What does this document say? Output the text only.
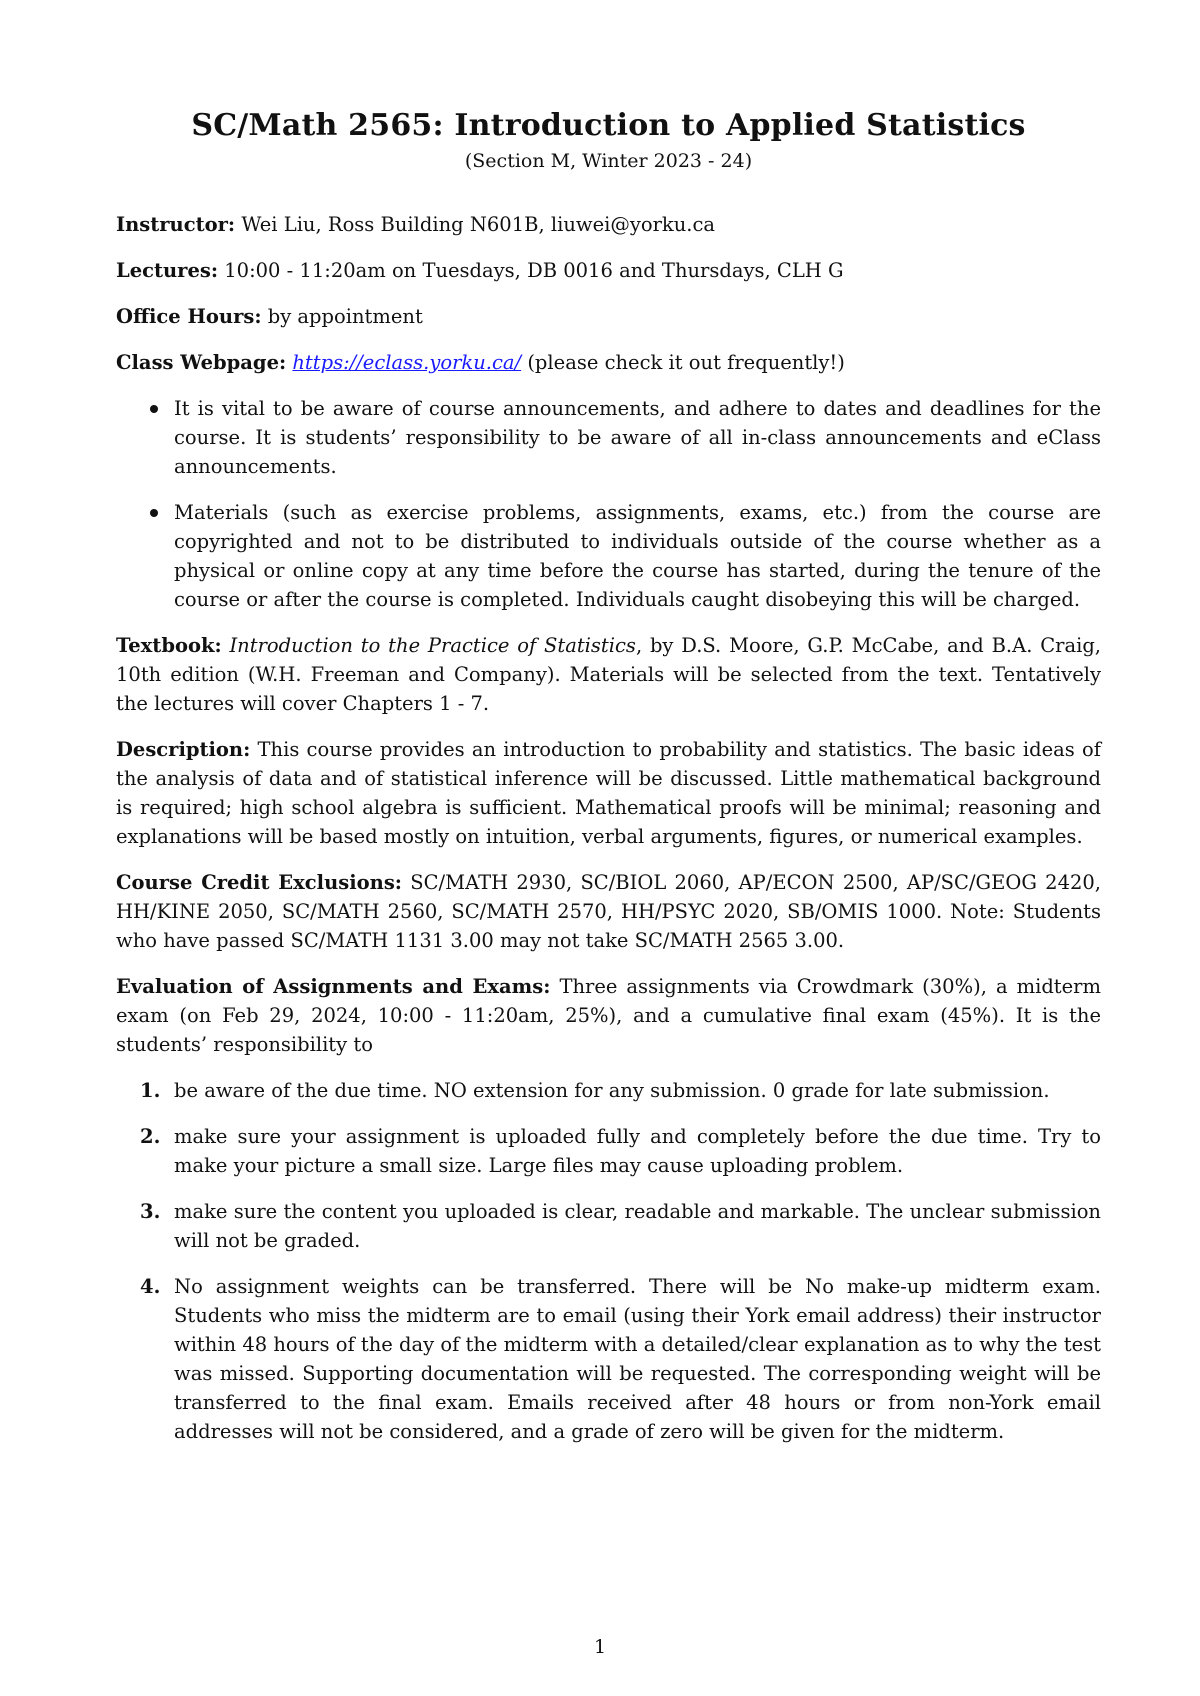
SC/Math 2565: Introduction to Applied Statistics
(Section M, Winter 2023 - 24)

Instructor: Wei Liu, Ross Building N601B, liuwei@yorku.ca

Lectures: 10:00 - 11:20am on Tuesdays, DB 0016 and Thursdays, CLH G

Office Hours: by appointment

Class Webpage: https://eclass.yorku.ca/ (please check it out frequently!)

It is vital to be aware of course announcements, and adhere to dates and deadlines for the course. It is students’ responsibility to be aware of all in-class announcements and eClass announcements.
Materials (such as exercise problems, assignments, exams, etc.) from the course are copyrighted and not to be distributed to individuals outside of the course whether as a physical or online copy at any time before the course has started, during the tenure of the course or after the course is completed. Individuals caught disobeying this will be charged.

Textbook: Introduction to the Practice of Statistics, by D.S. Moore, G.P. McCabe, and B.A. Craig, 10th edition (W.H. Freeman and Company). Materials will be selected from the text. Tentatively the lectures will cover Chapters 1 - 7.

Description: This course provides an introduction to probability and statistics. The basic ideas of the analysis of data and of statistical inference will be discussed. Little mathematical background is required; high school algebra is sufficient. Mathematical proofs will be minimal; reasoning and explanations will be based mostly on intuition, verbal arguments, figures, or numerical examples.

Course Credit Exclusions: SC/MATH 2930, SC/BIOL 2060, AP/ECON 2500, AP/SC/GEOG 2420, HH/KINE 2050, SC/MATH 2560, SC/MATH 2570, HH/PSYC 2020, SB/OMIS 1000. Note: Students who have passed SC/MATH 1131 3.00 may not take SC/MATH 2565 3.00.

Evaluation of Assignments and Exams: Three assignments via Crowdmark (30%), a midterm exam (on Feb 29, 2024, 10:00 - 11:20am, 25%), and a cumulative final exam (45%). It is the students’ responsibility to

1. be aware of the due time. NO extension for any submission. 0 grade for late submission.
2. make sure your assignment is uploaded fully and completely before the due time. Try to make your picture a small size. Large files may cause uploading problem.
3. make sure the content you uploaded is clear, readable and markable. The unclear submission will not be graded.
4. No assignment weights can be transferred. There will be No make-up midterm exam. Students who miss the midterm are to email (using their York email address) their instructor within 48 hours of the day of the midterm with a detailed/clear explanation as to why the test was missed. Supporting documentation will be requested. The corresponding weight will be transferred to the final exam. Emails received after 48 hours or from non-York email addresses will not be considered, and a grade of zero will be given for the midterm.
1
